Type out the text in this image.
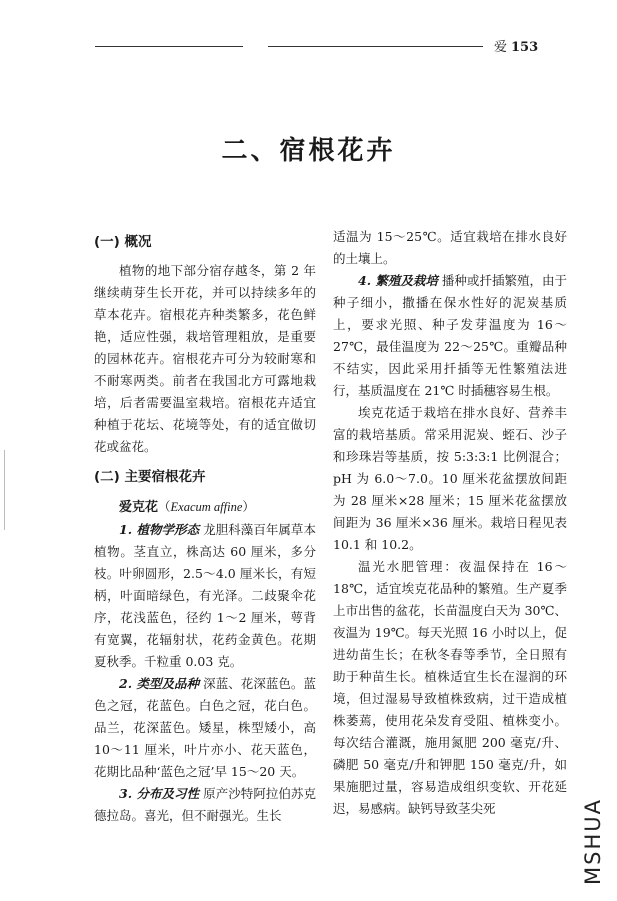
爱 153
二、宿根花卉

(一) 概况

植物的地下部分宿存越冬，第 2 年继续萌芽生长开花，并可以持续多年的草本花卉。宿根花卉种类繁多，花色鲜艳，适应性强，栽培管理粗放，是重要的园林花卉。宿根花卉可分为较耐寒和不耐寒两类。前者在我国北方可露地栽培，后者需要温室栽培。宿根花卉适宜种植于花坛、花境等处，有的适宜做切花或盆花。

(二) 主要宿根花卉

爱克花（Exacum affine）

1. 植物学形态 龙胆科藻百年属草本植物。茎直立，株高达 60 厘米，多分枝。叶卵圆形，2.5～4.0 厘米长，有短柄，叶面暗绿色，有光泽。二歧聚伞花序，花浅蓝色，径约 1～2 厘米，萼背有宽翼，花辐射状，花药金黄色。花期夏秋季。千粒重 0.03 克。

2. 类型及品种 深蓝、花深蓝色。蓝色之冠，花蓝色。白色之冠，花白色。品兰，花深蓝色。矮星，株型矮小，高 10～11 厘米，叶片亦小、花天蓝色，花期比品种‘蓝色之冠’早 15～20 天。

3. 分布及习性 原产沙特阿拉伯苏克德拉岛。喜光，但不耐强光。生长

适温为 15～25℃。适宜栽培在排水良好的土壤上。

4. 繁殖及栽培 播种或扦插繁殖，由于种子细小，撒播在保水性好的泥炭基质上，要求光照、种子发芽温度为 16～27℃，最佳温度为 22～25℃。重瓣品种不结实，因此采用扦插等无性繁殖法进行，基质温度在 21℃ 时插穗容易生根。

埃克花适于栽培在排水良好、营养丰富的栽培基质。常采用泥炭、蛭石、沙子和珍珠岩等基质，按 5:3:3:1 比例混合；pH 为 6.0～7.0。10 厘米花盆摆放间距为 28 厘米×28 厘米；15 厘米花盆摆放间距为 36 厘米×36 厘米。栽培日程见表 10.1 和 10.2。

温光水肥管理：夜温保持在 16～18℃，适宜埃克花品种的繁殖。生产夏季上市出售的盆花，长苗温度白天为 30℃、夜温为 19℃。每天光照 16 小时以上，促进幼苗生长；在秋冬春等季节，全日照有助于种苗生长。植株适宜生长在湿润的环境，但过湿易导致植株致病，过干造成植株萎蔫，使用花朵发育受阻、植株变小。每次结合灌溉，施用氮肥 200 毫克/升、磷肥 50 毫克/升和钾肥 150 毫克/升，如果施肥过量，容易造成组织变软、开花延迟，易感病。缺钙导致茎尖死	MSHUA
